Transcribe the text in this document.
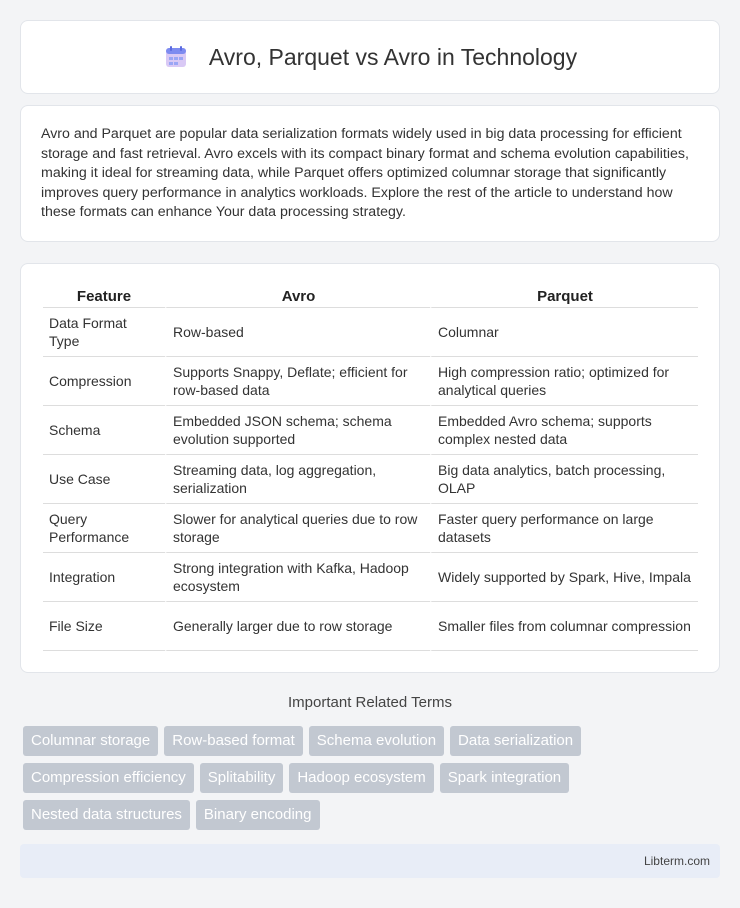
Avro, Parquet vs Avro in Technology

Avro and Parquet are popular data serialization formats widely used in big data processing for efficient storage and fast retrieval. Avro excels with its compact binary format and schema evolution capabilities, making it ideal for streaming data, while Parquet offers optimized columnar storage that significantly improves query performance in analytics workloads. Explore the rest of the article to understand how these formats can enhance Your data processing strategy.

Feature	Avro	Parquet
Data Format Type	Row-based	Columnar
Compression	Supports Snappy, Deflate; efficient for row-based data	High compression ratio; optimized for analytical queries
Schema	Embedded JSON schema; schema evolution supported	Embedded Avro schema; supports complex nested data
Use Case	Streaming data, log aggregation, serialization	Big data analytics, batch processing, OLAP
Query Performance	Slower for analytical queries due to row storage	Faster query performance on large datasets
Integration	Strong integration with Kafka, Hadoop ecosystem	Widely supported by Spark, Hive, Impala
File Size	Generally larger due to row storage	Smaller files from columnar compression
Important Related Terms
Columnar storage	Row-based format	Schema evolution	Data serialization
Compression efficiency	Splitability	Hadoop ecosystem	Spark integration
Nested data structures	Binary encoding
Libterm.com
